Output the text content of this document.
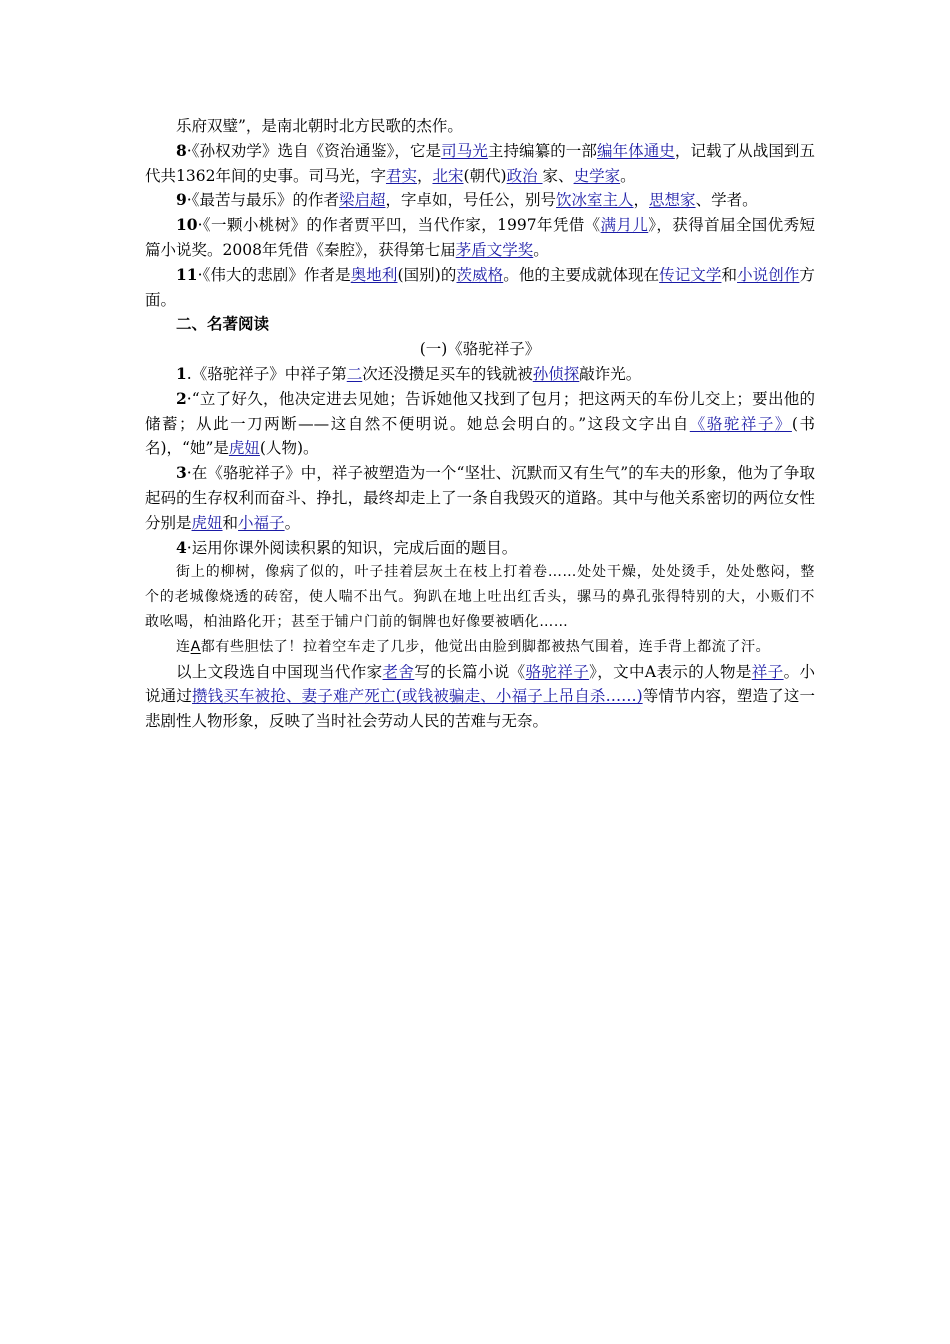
乐府双璧”，是南北朝时北方民歌的杰作。

8·《孙权劝学》选自《资治通鉴》，它是司马光主持编纂的一部编年体通史，记载了从战国到五代共1362年间的史事。司马光，字君实，北宋(朝代)政治 家、史学家。

9·《最苦与最乐》的作者梁启超，字卓如，号任公，别号饮冰室主人，思想家、学者。

10·《一颗小桃树》的作者贾平凹，当代作家，1997年凭借《满月儿》，获得首届全国优秀短篇小说奖。2008年凭借《秦腔》，获得第七届茅盾文学奖。

11·《伟大的悲剧》作者是奥地利(国别)的茨威格。他的主要成就体现在传记文学和小说创作方面。

二、名著阅读

(一)《骆驼祥子》

1.《骆驼祥子》中祥子第二次还没攒足买车的钱就被孙侦探敲诈光。

2·“立了好久，他决定进去见她；告诉她他又找到了包月；把这两天的车份儿交上；要出他的储蓄；从此一刀两断——这自然不便明说。她总会明白的。”这段文字出自《骆驼祥子》(书名)，“她”是虎妞(人物)。

3·在《骆驼祥子》中，祥子被塑造为一个“坚壮、沉默而又有生气”的车夫的形象，他为了争取起码的生存权利而奋斗、挣扎，最终却走上了一条自我毁灭的道路。其中与他关系密切的两位女性分别是虎妞和小福子。

4·运用你课外阅读积累的知识，完成后面的题目。

街上的柳树，像病了似的，叶子挂着层灰土在枝上打着卷……处处干燥，处处烫手，处处憋闷，整个的老城像烧透的砖窑，使人喘不出气。狗趴在地上吐出红舌头，骡马的鼻孔张得特别的大，小贩们不敢吆喝，柏油路化开；甚至于铺户门前的铜牌也好像要被晒化……

连A都有些胆怯了！拉着空车走了几步，他觉出由脸到脚都被热气围着，连手背上都流了汗。

以上文段选自中国现当代作家老舍写的长篇小说《骆驼祥子》，文中A表示的人物是祥子。小说通过攒钱买车被抢、妻子难产死亡(或钱被骗走、小福子上吊自杀……)等情节内容，塑造了这一悲剧性人物形象，反映了当时社会劳动人民的苦难与无奈。
